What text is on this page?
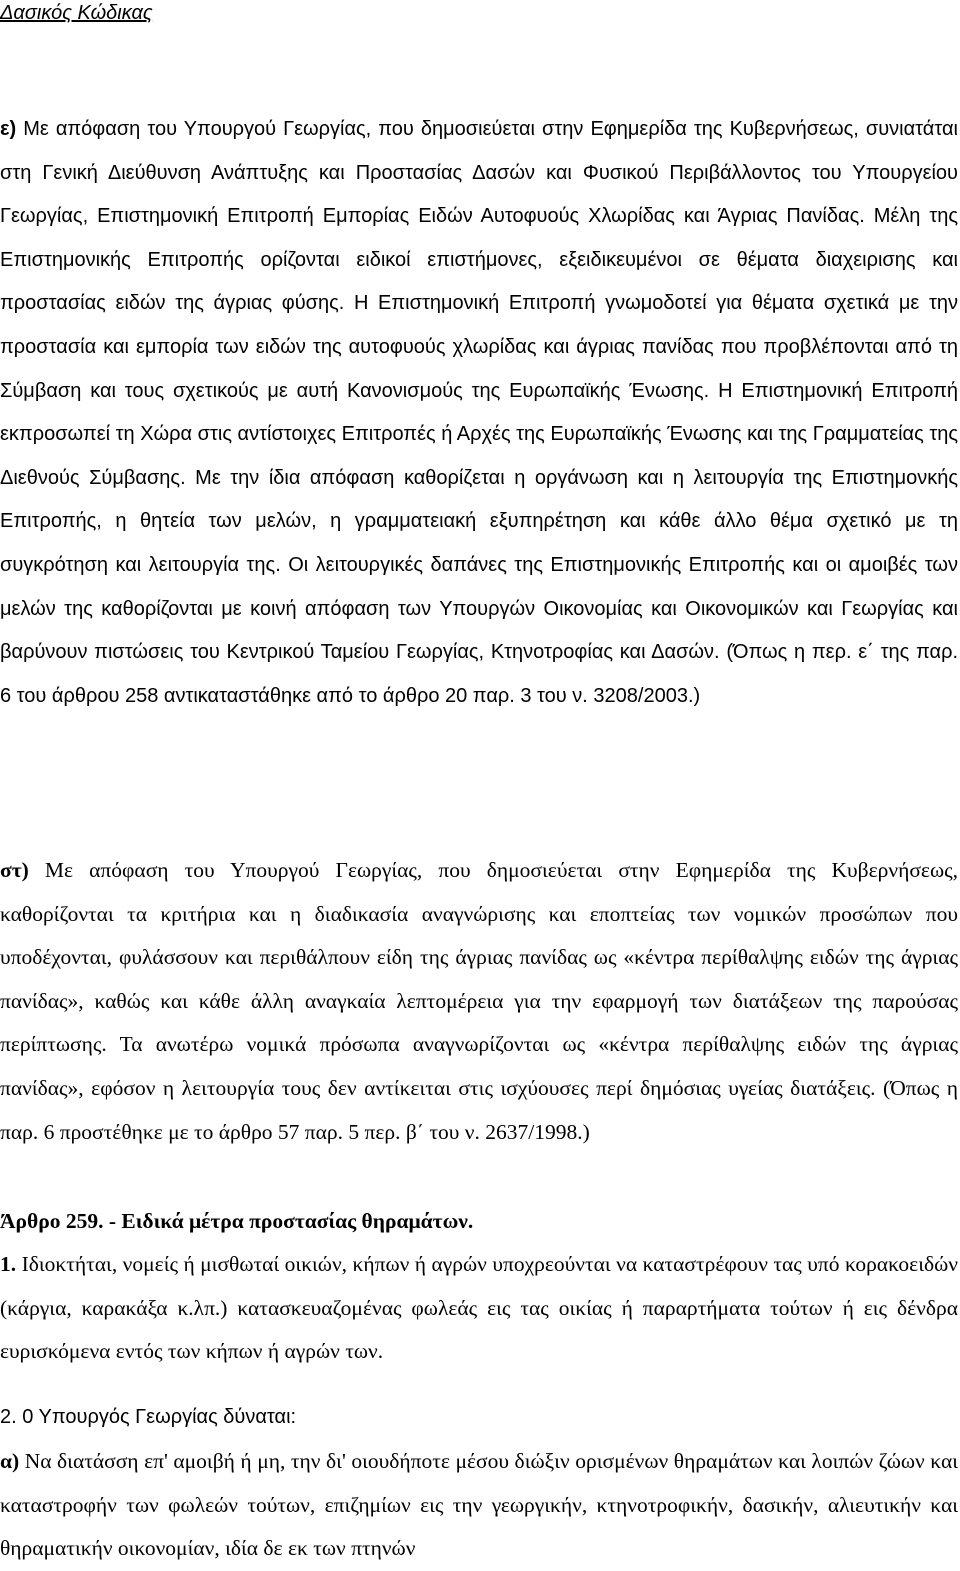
Δασικός Κώδικας

ε) Με απόφαση του Υπουργού Γεωργίας, που δημοσιεύεται στην Εφημερίδα της Κυβερνήσεως, συνιατάται στη Γενική Διεύθυνση Ανάπτυξης και Προστασίας Δασών και Φυσικού Περιβάλλοντος του Υπουργείου Γεωργίας, Επιστημονική Επιτροπή Εμπορίας Ειδών Αυτοφυούς Χλωρίδας και Άγριας Πανίδας. Μέλη της Επιστημονικής Επιτροπής ορίζονται ειδικοί επιστήμονες, εξειδικευμένοι σε θέματα διαχειρισης και προστασίας ειδών της άγριας φύσης. Η Επιστημονική Επιτροπή γνωμοδοτεί για θέματα σχετικά με την προστασία και εμπορία των ειδών της αυτοφυούς χλωρίδας και άγριας πανίδας που προβλέπονται από τη Σύμβαση και τους σχετικούς με αυτή Κανονισμούς της Ευρωπαϊκής Ένωσης. Η Επιστημονική Επιτροπή εκπροσωπεί τη Χώρα στις αντίστοιχες Επιτροπές ή Αρχές της Ευρωπαϊκής Ένωσης και της Γραμματείας της Διεθνούς Σύμβασης. Με την ίδια απόφαση καθορίζεται η οργάνωση και η λειτουργία της Επιστημονκής Επιτροπής, η θητεία των μελών, η γραμματειακή εξυπηρέτηση και κάθε άλλο θέμα σχετικό με τη συγκρότηση και λειτουργία της. Οι λειτουργικές δαπάνες της Επιστημονικής Επιτροπής και οι αμοιβές των μελών της καθορίζονται με κοινή απόφαση των Υπουργών Οικονομίας και Οικονομικών και Γεωργίας και βαρύνουν πιστώσεις του Κεντρικού Ταμείου Γεωργίας, Κτηνοτροφίας και Δασών. (Όπως η περ. ε΄ της παρ. 6 του άρθρου 258 αντικαταστάθηκε από το άρθρο 20 παρ. 3 του ν. 3208/2003.)

στ) Με απόφαση του Υπουργού Γεωργίας, που δημοσιεύεται στην Εφημερίδα της Κυβερνήσεως, καθορίζονται τα κριτήρια και η διαδικασία αναγνώρισης και εποπτείας των νομικών προσώπων που υποδέχονται, φυλάσσουν και περιθάλπουν είδη της άγριας πανίδας ως «κέντρα περίθαλψης ειδών της άγριας πανίδας», καθώς και κάθε άλλη αναγκαία λεπτομέρεια για την εφαρμογή των διατάξεων της παρούσας περίπτωσης. Τα ανωτέρω νομικά πρόσωπα αναγνωρίζονται ως «κέντρα περίθαλψης ειδών της άγριας πανίδας», εφόσον η λειτουργία τους δεν αντίκειται στις ισχύουσες περί δημόσιας υγείας διατάξεις. (Όπως η παρ. 6 προστέθηκε με το άρθρο 57 παρ. 5 περ. β΄ του ν. 2637/1998.)

Άρθρο 259. - Ειδικά μέτρα προστασίας θηραμάτων.

1. Ιδιοκτήται, νομείς ή μισθωταί οικιών, κήπων ή αγρών υποχρεούνται να καταστρέφουν τας υπό κορακοειδών (κάργια, καρακάξα κ.λπ.) κατασκευαζομένας φωλεάς εις τας οικίας ή παραρτήματα τούτων ή εις δένδρα ευρισκόμενα εντός των κήπων ή αγρών των.

2. 0 Υπουργός Γεωργίας δύναται:

α) Να διατάσση επ' αμοιβή ή μη, την δι' οιουδήποτε μέσου διώξιν ορισμένων θηραμάτων και λοιπών ζώων και καταστροφήν των φωλεών τούτων, επιζημίων εις την γεωργικήν, κτηνοτροφικήν, δασικήν, αλιευτικήν και θηραματικήν οικονομίαν, ιδία δε εκ των πτηνών
